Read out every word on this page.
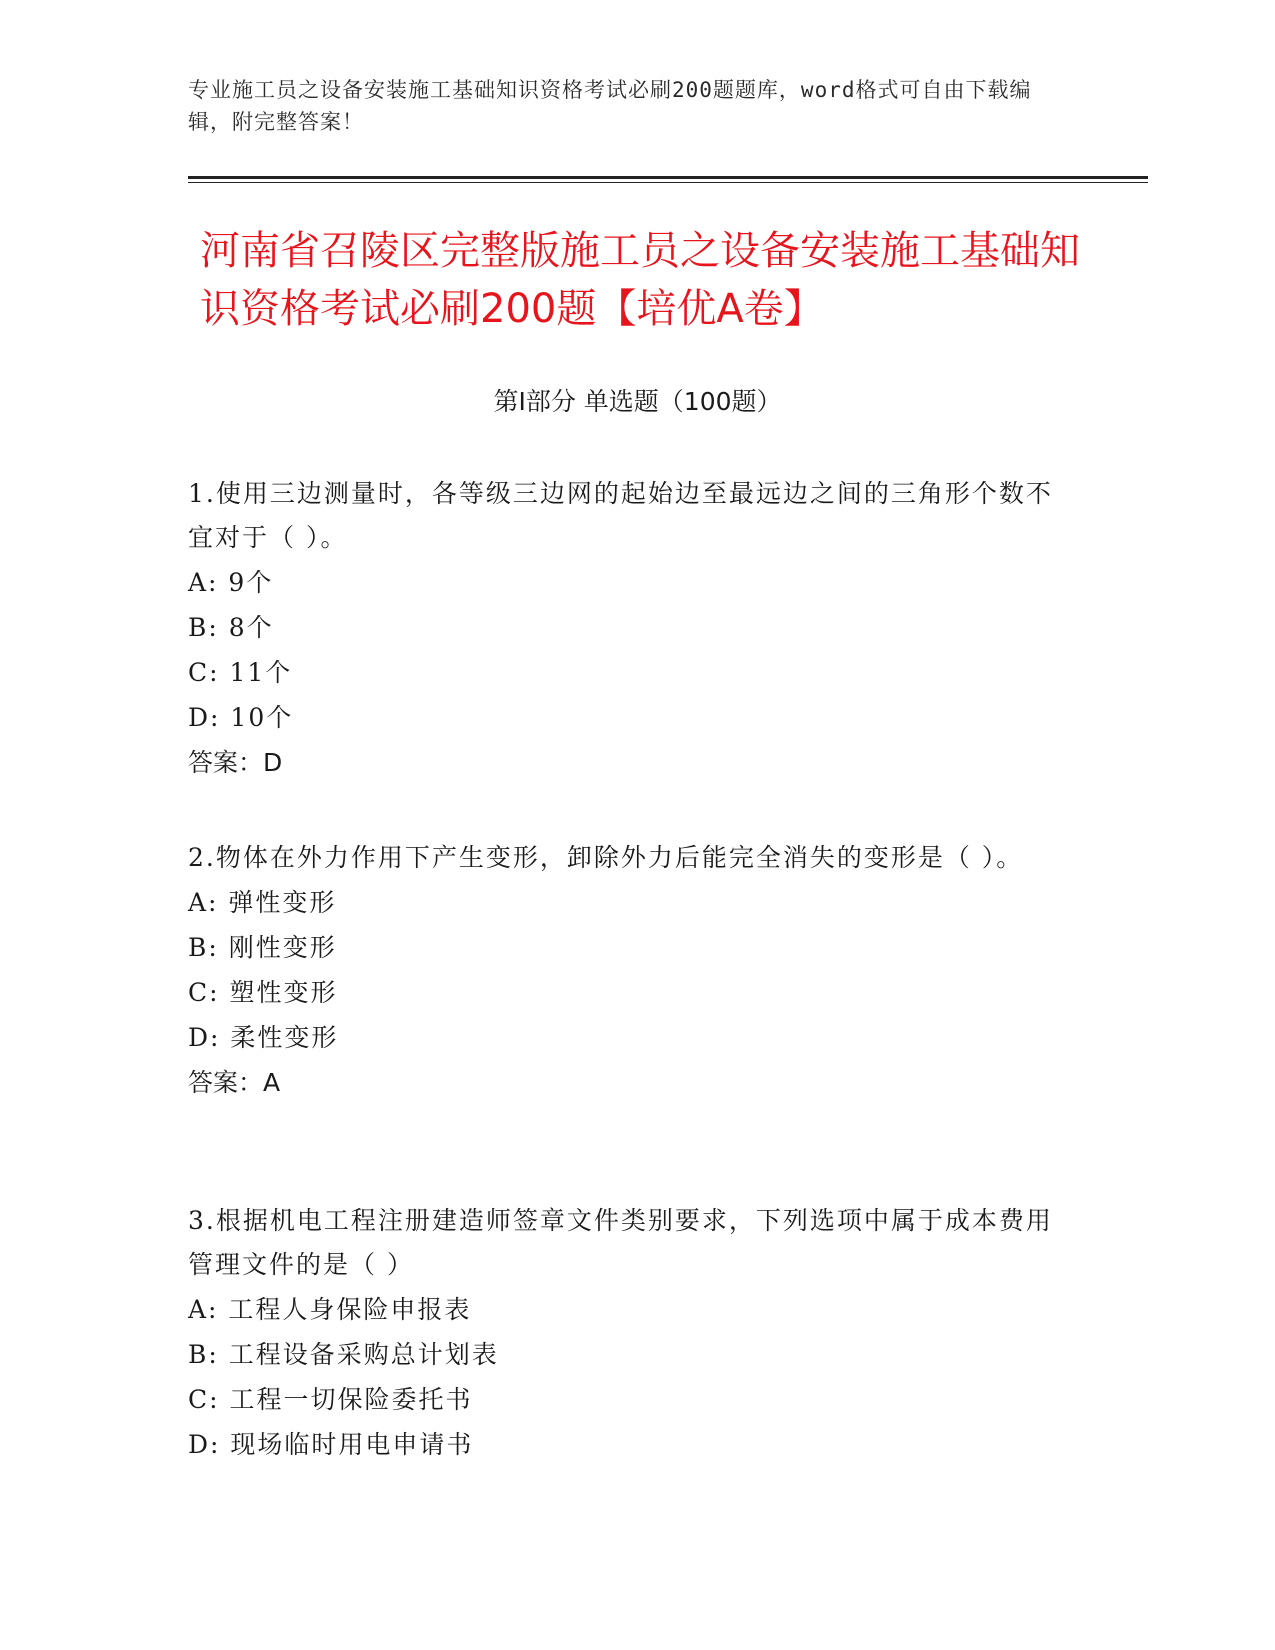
专业施工员之设备安装施工基础知识资格考试必刷200题题库，word格式可自由下载编辑，附完整答案！
河南省召陵区完整版施工员之设备安装施工基础知识资格考试必刷200题【培优A卷】
第Ⅰ部分 单选题（100题）

1.使用三边测量时，各等级三边网的起始边至最远边之间的三角形个数不宜对于（ ）。

A: 9个

B: 8个

C: 11个

D: 10个

答案：D

2.物体在外力作用下产生变形，卸除外力后能完全消失的变形是（ ）。

A: 弹性变形

B: 刚性变形

C: 塑性变形

D: 柔性变形

答案：A

3.根据机电工程注册建造师签章文件类别要求，下列选项中属于成本费用管理文件的是（ ）

A: 工程人身保险申报表

B: 工程设备采购总计划表

C: 工程一切保险委托书

D: 现场临时用电申请书
